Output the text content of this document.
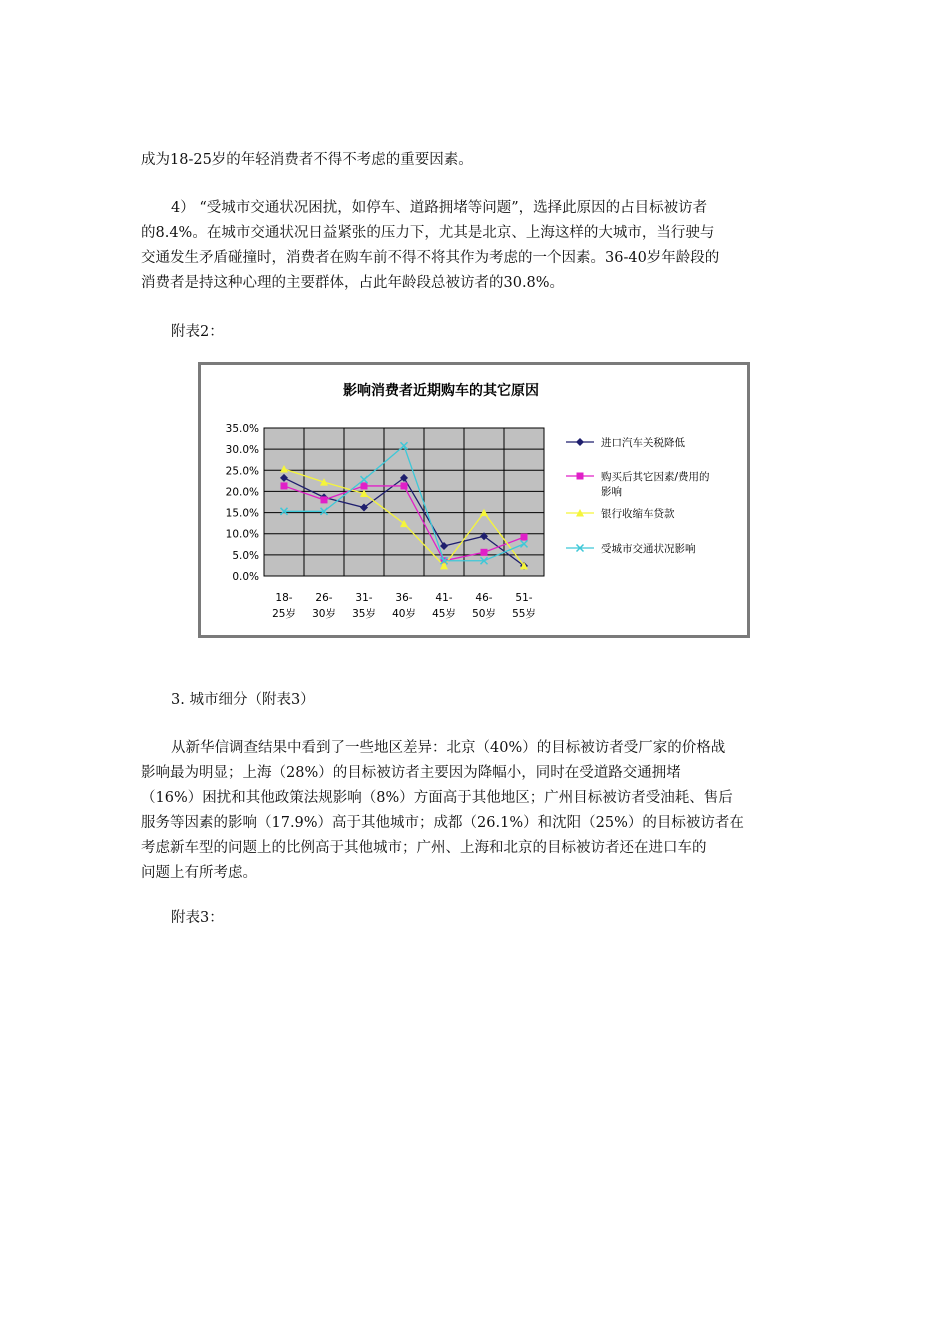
成为18-25岁的年轻消费者不得不考虑的重要因素。
4） “受城市交通状况困扰，如停车、道路拥堵等问题”，选择此原因的占目标被访者
的8.4%。在城市交通状况日益紧张的压力下，尤其是北京、上海这样的大城市，当行驶与
交通发生矛盾碰撞时，消费者在购车前不得不将其作为考虑的一个因素。36-40岁年龄段的
消费者是持这种心理的主要群体，占此年龄段总被访者的30.8%。
附表2：
影响消费者近期购车的其它原因
35.0%
30.0%
25.0%
20.0%
15.0%
10.0%
5.0%
0.0%
18-
25岁
26-
30岁
31-
35岁
36-
40岁
41-
45岁
46-
50岁
51-
55岁
进口汽车关税降低
购买后其它因素/费用的
影响
银行收缩车贷款
受城市交通状况影响
3. 城市细分（附表3）
从新华信调查结果中看到了一些地区差异：北京（40%）的目标被访者受厂家的价格战
影响最为明显；上海（28%）的目标被访者主要因为降幅小，同时在受道路交通拥堵
（16%）困扰和其他政策法规影响（8%）方面高于其他地区；广州目标被访者受油耗、售后
服务等因素的影响（17.9%）高于其他城市；成都（26.1%）和沈阳（25%）的目标被访者在
考虑新车型的问题上的比例高于其他城市；广州、上海和北京的目标被访者还在进口车的
问题上有所考虑。
附表3：
